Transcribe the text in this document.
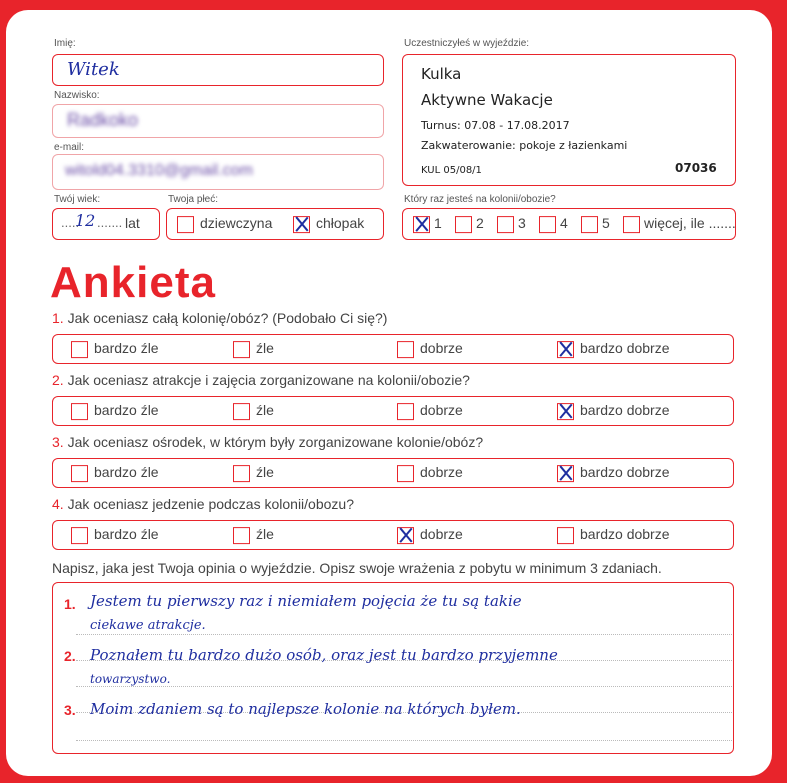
Imię:
Witek
Nazwisko:
Radkoko
e-mail:
witold04.3310@gmail.com
Twój wiek:
.....
12 ....... lat
Twoja płeć:
dziewczyna	chłopak
Uczestniczyłeś w wyjeździe:
Kulka
Aktywne Wakacje
Turnus: 07.08 - 17.08.2017
Zakwaterowanie: pokoje z łazienkami
KUL 05/08/1	07036
Który raz jesteś na kolonii/obozie?
1	2	3	4	5	więcej, ile .......
Ankieta
1. Jak oceniasz całą kolonię/obóz? (Podobało Ci się?)
bardzo źle	źle	dobrze	bardzo dobrze
2. Jak oceniasz atrakcje i zajęcia zorganizowane na kolonii/obozie?
bardzo źle	źle	dobrze	bardzo dobrze
3. Jak oceniasz ośrodek, w którym były zorganizowane kolonie/obóz?
bardzo źle	źle	dobrze	bardzo dobrze
4. Jak oceniasz jedzenie podczas kolonii/obozu?
bardzo źle	źle	dobrze	bardzo dobrze
Napisz, jaka jest Twoja opinia o wyjeździe. Opisz swoje wrażenia z pobytu w minimum 3 zdaniach.
1.
2.
3.
Jestem tu pierwszy raz i niemiałem pojęcia że tu są takie
ciekawe atrakcje.
Poznałem tu bardzo dużo osób, oraz jest tu bardzo przyjemne
towarzystwo.
Moim zdaniem są to najlepsze kolonie na których byłem.
